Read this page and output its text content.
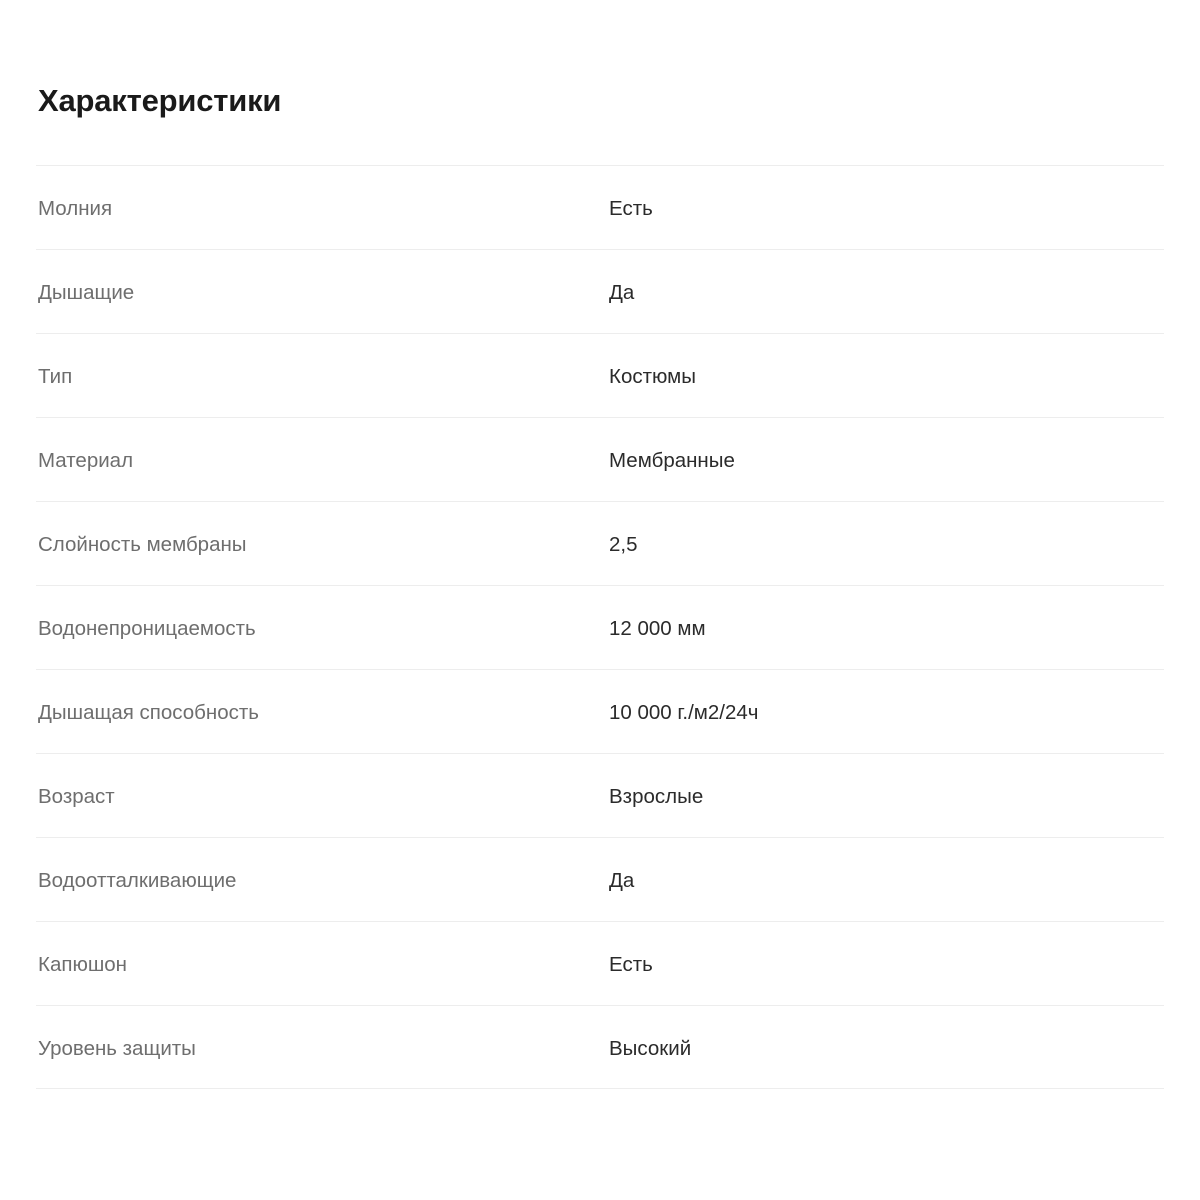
Характеристики
Молния	Есть
Дышащие	Да
Тип	Костюмы
Материал	Мембранные
Слойность мембраны	2,5
Водонепроницаемость	12 000 мм
Дышащая способность	10 000 г./м2/24ч
Возраст	Взрослые
Водоотталкивающие	Да
Капюшон	Есть
Уровень защиты	Высокий
